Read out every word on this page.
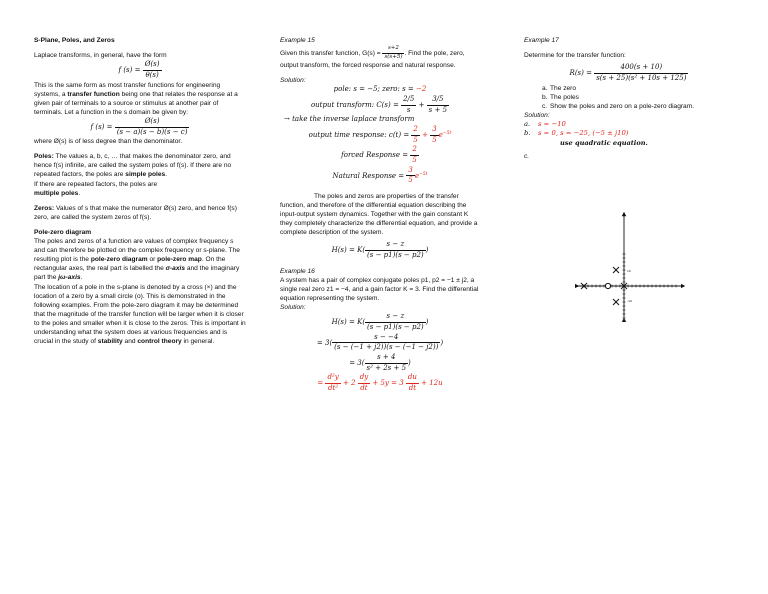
S-Plane, Poles, and Zeros
Laplace transforms, in general, have the form
f $(s) = \frac{Ø(s)}{\theta(s)}$
This is the same form as most transfer functions for engineering systems, a transfer function being one that relates the response at a given pair of terminals to a source or stimulus at another pair of terminals. Let a function in the s domain be given by:
f $(s) = \frac{Ø(s)}{(s - a)(s - b)(s - c)}$
where Ø(s) is of less degree than the denominator.
Poles: The values a, b, c, … that makes the denominator zero, and hence f(s) infinite, are called the system poles of f(s). If there are no repeated factors, the poles are simple poles.
If there are repeated factors, the poles are
multiple poles.
Zeros: Values of s that make the numerator Ø(s) zero, and hence f(s) zero, are called the system zeros of f(s).
Pole-zero diagram
The poles and zeros of a function are values of complex frequency s and can therefore be plotted on the complex frequency or s-plane. The resulting plot is the pole-zero diagram or pole-zero map. On the rectangular axes, the real part is labelled the σ-axis and the imaginary part the jω-axis.
The location of a pole in the s-plane is denoted by a cross (×) and the location of a zero by a small circle (o). This is demonstrated in the following examples. From the pole-zero diagram it may be determined that the magnitude of the transfer function will be larger when it is closer to the poles and smaller when it is close to the zeros. This is important in understanding what the system does at various frequencies and is crucial in the study of stability and control theory in general.
Example 15
Given this transfer function, $G(s) = \frac{s+2}{s(s+5)}$ . Find the pole, zero, output transform, the forced response and natural response.
Solution:
pole: s = −5; zero: s = −2
output transform: $C(s) = \frac{2/5}{s} + \frac{3/5}{s + 5}$
→ take the inverse laplace transform
output time response: $c(t) = \frac{2}{5} + \frac{3}{5} e^{-5t}$
forced Response = $\frac{2}{5}$
Natural Response = $\frac{3}{5} e^{-5t}$
The poles and zeros are properties of the transfer function, and therefore of the differential equation describing the input-output system dynamics. Together with the gain constant K they completely characterize the differential equation, and provide a complete description of the system.
$H(s) = K( \frac{s - z}{(s - p1)(s - p2)}$ )
Example 16
A system has a pair of complex conjugate poles p1, p2 = −1 ± j2, a single real zero z1 = −4, and a gain factor K = 3. Find the differential equation representing the system.
Solution:
$H(s) = K( \frac{s - z}{(s - p1)(s - p2)}$ )
= $3( \frac{s - -4}{(s - (-1 + j2))(s - (-1 - j2))}$ )
= $3( \frac{s + 4}{\text{s² + 2s + 5}}$ )
= $\frac{\text{d²y}}{\text{dt²}} + 2 \frac{dy}{dt} + 5y = 3 \frac{du}{dt} + 12u$
Example 17
Determine for the transfer function:
$R(s) = \frac{400(s + 10)}{\text{s(s + 25)(s² + 10s + 125)}}$
a. The zero
b. The poles
c. Show the poles and zero on a pole-zero diagram.
Solution:
a.	s = −10
b.	s = 0, s = −25, (−5 ± j10)
use quadratic equation.
c.
10
-10
